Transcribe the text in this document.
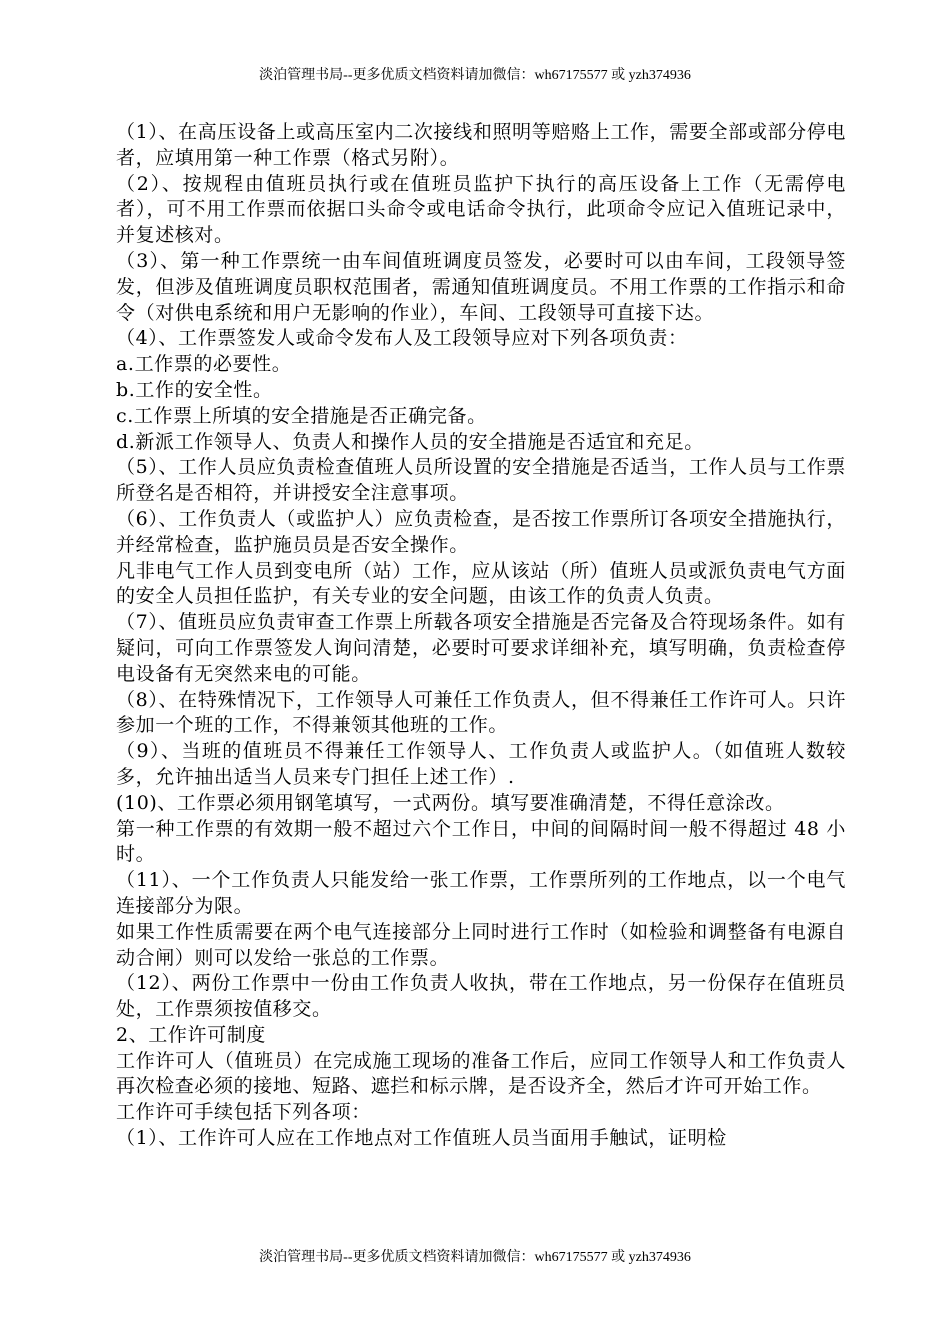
淡泊管理书局--更多优质文档资料请加微信：wh67175577 或 yzh374936

（1）、在高压设备上或高压室内二次接线和照明等赔赂上工作，需要全部或部分停电者，应填用第一种工作票（格式另附）。

（2）、按规程由值班员执行或在值班员监护下执行的高压设备上工作（无需停电者），可不用工作票而依据口头命令或电话命令执行，此项命令应记入值班记录中，并复述核对。

（3）、第一种工作票统一由车间值班调度员签发，必要时可以由车间，工段领导签发，但涉及值班调度员职权范围者，需通知值班调度员。不用工作票的工作指示和命令（对供电系统和用户无影响的作业），车间、工段领导可直接下达。

（4）、工作票签发人或命令发布人及工段领导应对下列各项负责：

a.工作票的必要性。

b.工作的安全性。

c.工作票上所填的安全措施是否正确完备。

d.新派工作领导人、负责人和操作人员的安全措施是否适宜和充足。

（5）、工作人员应负责检查值班人员所设置的安全措施是否适当，工作人员与工作票所登名是否相符，并讲授安全注意事项。

（6）、工作负责人（或监护人）应负责检查，是否按工作票所订各项安全措施执行，并经常检查，监护施员员是否安全操作。

凡非电气工作人员到变电所（站）工作，应从该站（所）值班人员或派负责电气方面的安全人员担任监护，有关专业的安全问题，由该工作的负责人负责。

（7）、值班员应负责审查工作票上所载各项安全措施是否完备及合符现场条件。如有疑问，可向工作票签发人询问清楚，必要时可要求详细补充，填写明确，负责检查停电设备有无突然来电的可能。

（8）、在特殊情况下，工作领导人可兼任工作负责人，但不得兼任工作许可人。只许参加一个班的工作，不得兼领其他班的工作。

（9）、当班的值班员不得兼任工作领导人、工作负责人或监护人。（如值班人数较多，允许抽出适当人员来专门担任上述工作）.

(10)、工作票必须用钢笔填写，一式两份。填写要准确清楚，不得任意涂改。

第一种工作票的有效期一般不超过六个工作日，中间的间隔时间一般不得超过 48 小时。

（11）、一个工作负责人只能发给一张工作票，工作票所列的工作地点，以一个电气连接部分为限。

如果工作性质需要在两个电气连接部分上同时进行工作时（如检验和调整备有电源自动合闸）则可以发给一张总的工作票。

（12）、两份工作票中一份由工作负责人收执，带在工作地点，另一份保存在值班员处，工作票须按值移交。

2、工作许可制度

工作许可人（值班员）在完成施工现场的准备工作后，应同工作领导人和工作负责人再次检查必须的接地、短路、遮拦和标示牌，是否设齐全，然后才许可开始工作。

工作许可手续包括下列各项：

（1）、工作许可人应在工作地点对工作值班人员当面用手触试，证明检

淡泊管理书局--更多优质文档资料请加微信：wh67175577 或 yzh374936
